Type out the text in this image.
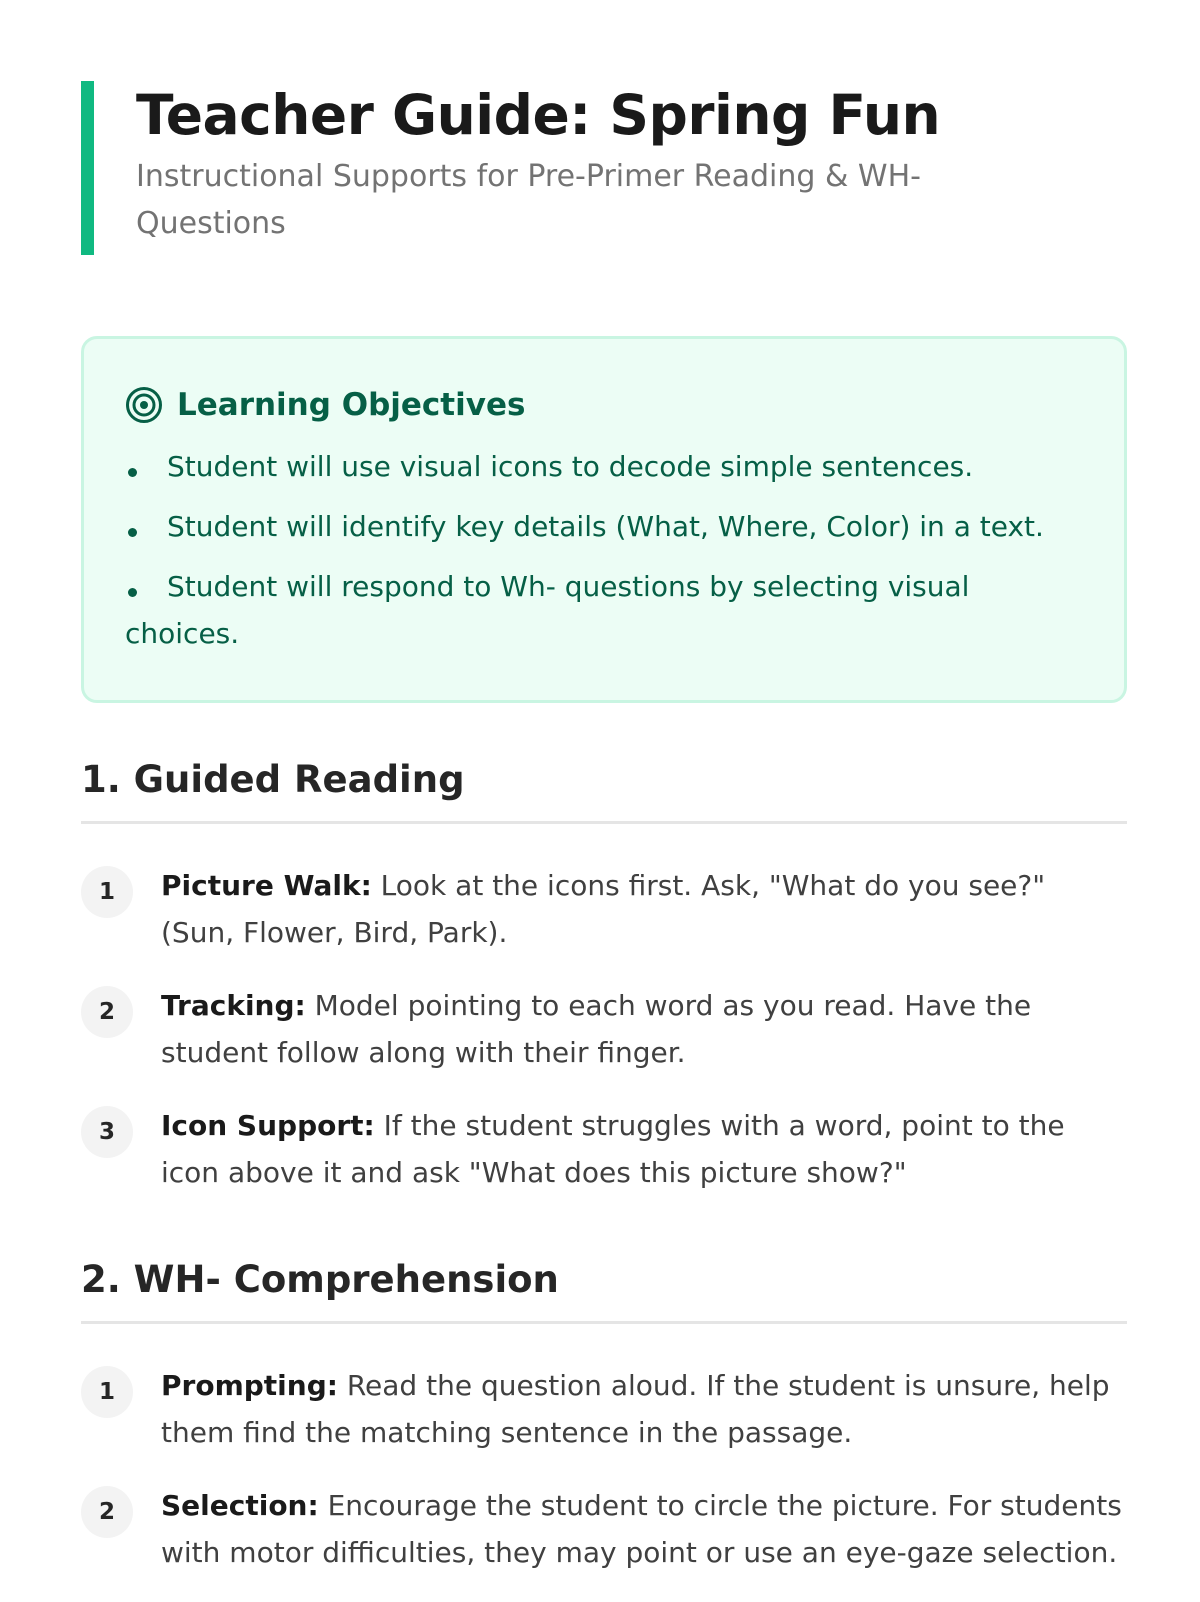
Teacher Guide: Spring Fun

Instructional Supports for Pre-Primer Reading & WH-Questions

Learning Objectives
Student will use visual icons to decode simple sentences.
Student will identify key details (What, Where, Color) in a text.
Student will respond to Wh- questions by selecting visual choices.
1. Guided Reading
1	Picture Walk: Look at the icons first. Ask, "What do you see?" (Sun, Flower, Bird, Park).
2	Tracking: Model pointing to each word as you read. Have the student follow along with their finger.
3	Icon Support: If the student struggles with a word, point to the icon above it and ask "What does this picture show?"
2. WH- Comprehension
1	Prompting: Read the question aloud. If the student is unsure, help them find the matching sentence in the passage.
2	Selection: Encourage the student to circle the picture. For students with motor difficulties, they may point or use an eye-gaze selection.
